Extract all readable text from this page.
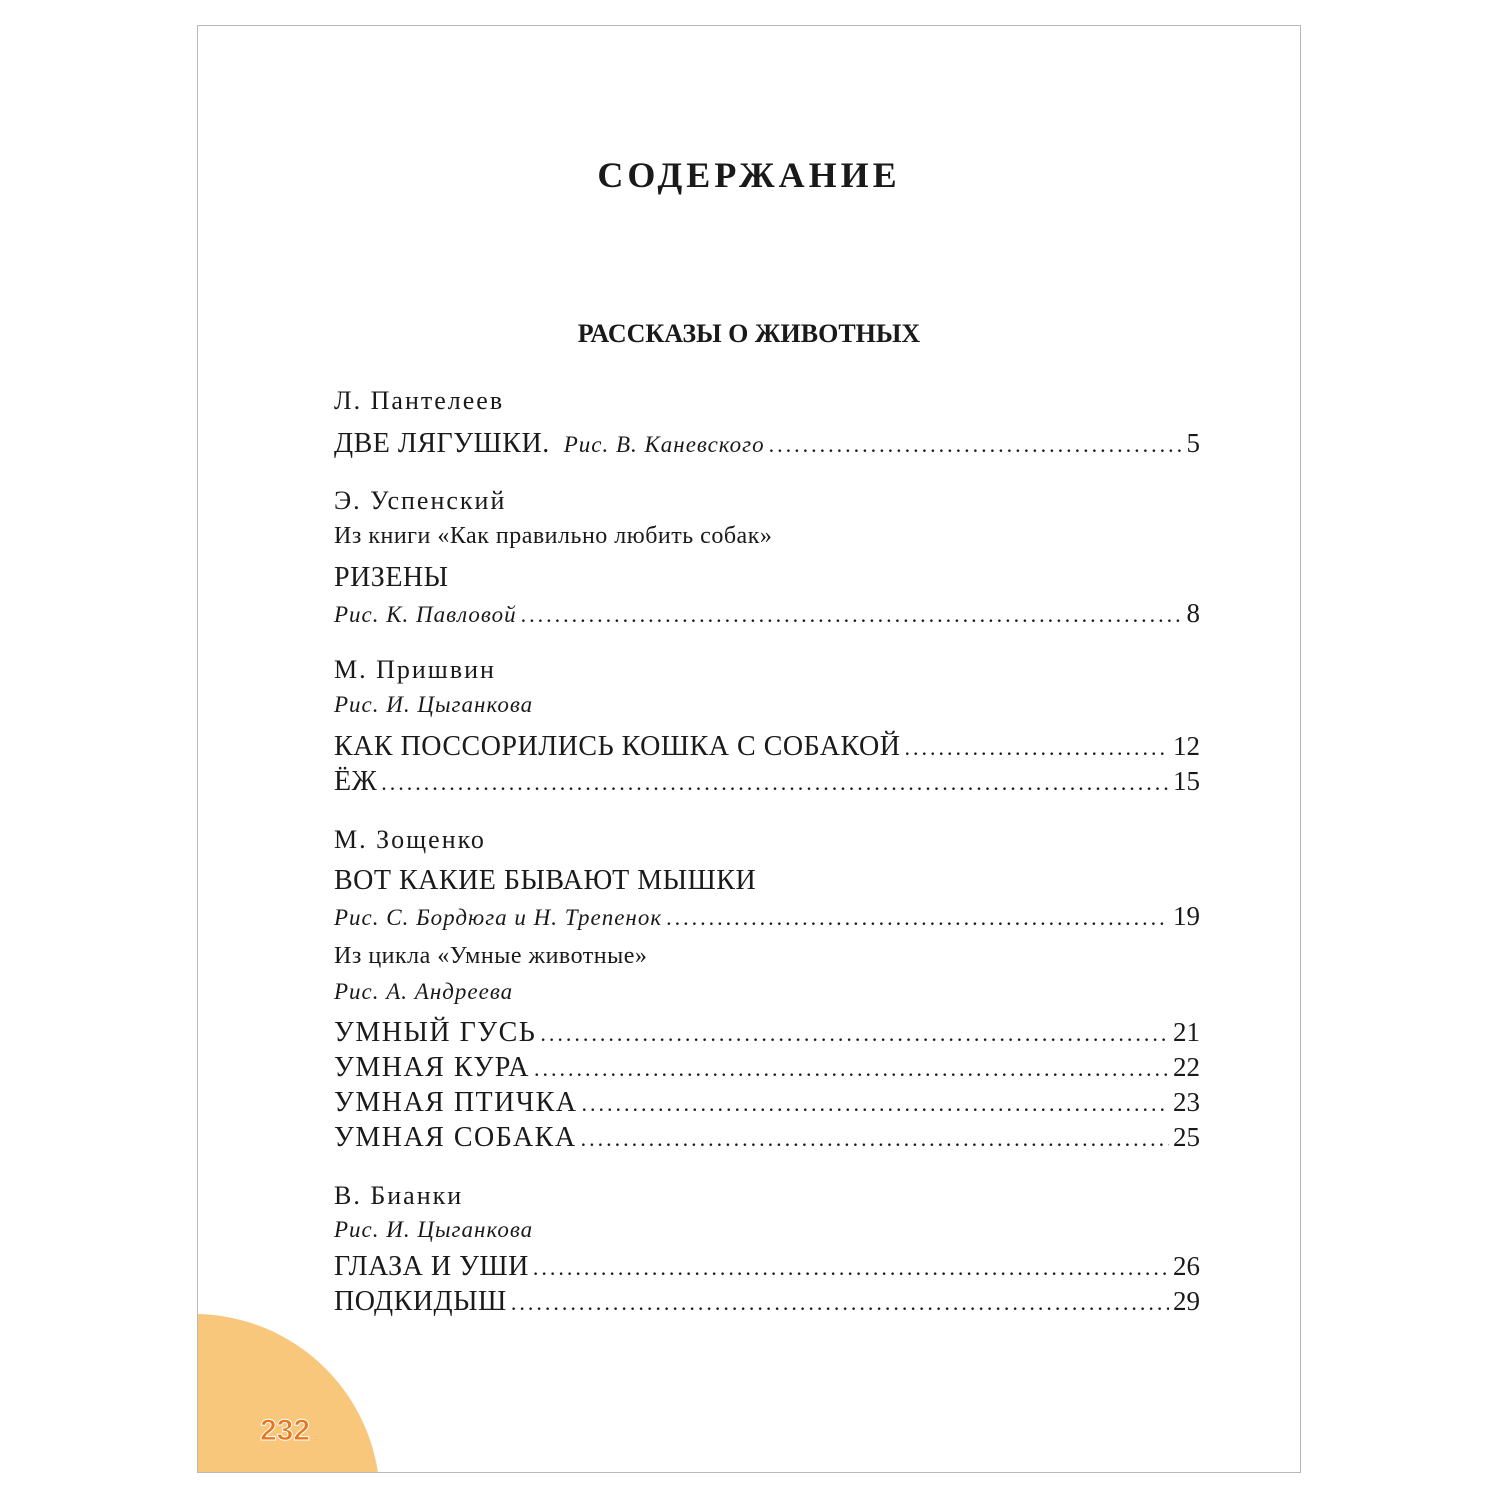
СОДЕРЖАНИЕ
РАССКАЗЫ О ЖИВОТНЫХ
Л. Пантелеев
ДВЕ ЛЯГУШКИ. Рис. В. Каневского .....	5
Э. Успенский
Из книги «Как правильно любить собак»
РИЗЕНЫ
Рис. К. Павловой .....	8
М. Пришвин
Рис. И. Цыганкова
КАК ПОССОРИЛИСЬ КОШКА С СОБАКОЙ .....	12
ЁЖ .....	15
М. Зощенко
ВОТ КАКИЕ БЫВАЮТ МЫШКИ
Рис. С. Бордюга и Н. Трепенок .....	19
Из цикла «Умные животные»
Рис. А. Андреева
УМНЫЙ ГУСЬ .....	21
УМНАЯ КУРА .....	22
УМНАЯ ПТИЧКА .....	23
УМНАЯ СОБАКА .....	25
В. Бианки
Рис. И. Цыганкова
ГЛАЗА И УШИ .....	26
ПОДКИДЫШ .....	29
232
